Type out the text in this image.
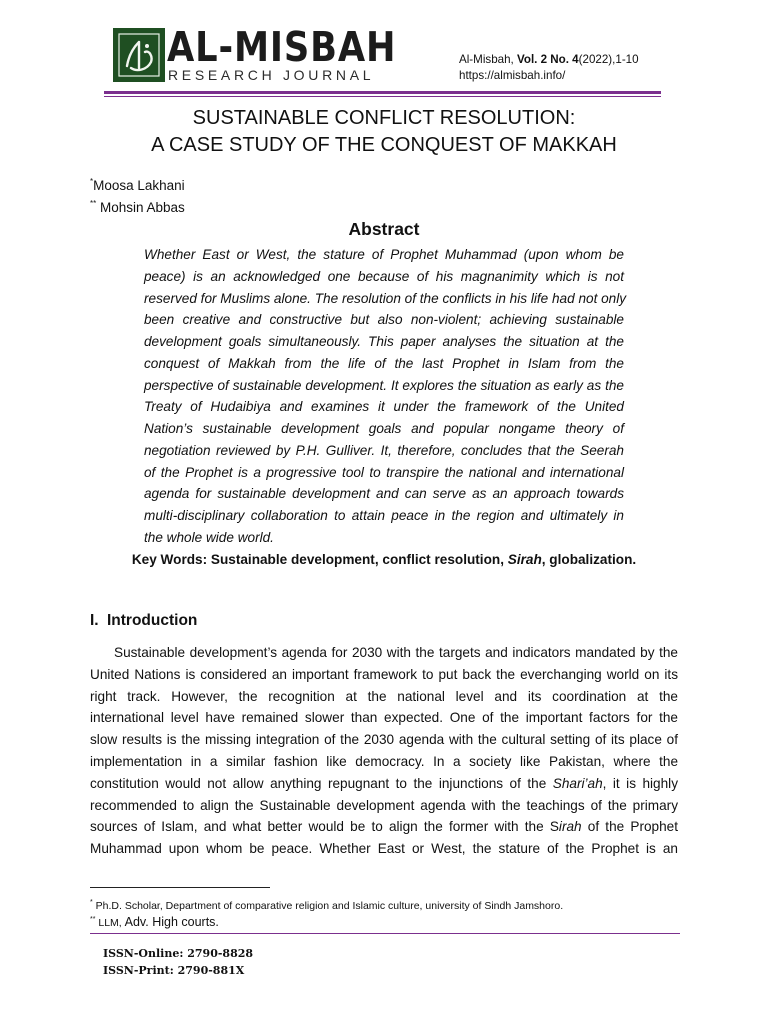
AL-MISBAH
RESEARCH JOURNAL
Al-Misbah, Vol. 2 No. 4(2022),1-10
https://almisbah.info/
SUSTAINABLE CONFLICT RESOLUTION:
A CASE STUDY OF THE CONQUEST OF MAKKAH
*Moosa Lakhani
** Mohsin Abbas
Abstract
Whether East or West, the stature of Prophet Muhammad (upon whom be
peace) is an acknowledged one because of his magnanimity which is not
reserved for Muslims alone. The resolution of the conflicts in his life had not only
been creative and constructive but also non-violent; achieving sustainable
development goals simultaneously. This paper analyses the situation at the
conquest of Makkah from the life of the last Prophet in Islam from the
perspective of sustainable development. It explores the situation as early as the
Treaty of Hudaibiya and examines it under the framework of the United
Nation’s sustainable development goals and popular nongame theory of
negotiation reviewed by P.H. Gulliver. It, therefore, concludes that the Seerah
of the Prophet is a progressive tool to transpire the national and international
agenda for sustainable development and can serve as an approach towards
multi-disciplinary collaboration to attain peace in the region and ultimately in
the whole wide world.
Key Words: Sustainable development, conflict resolution, Sirah, globalization.
I. Introduction
Sustainable development’s agenda for 2030 with the targets and indicators mandated by the
United Nations is considered an important framework to put back the everchanging world on its
right track. However, the recognition at the national level and its coordination at the
international level have remained slower than expected. One of the important factors for the
slow results is the missing integration of the 2030 agenda with the cultural setting of its place of
implementation in a similar fashion like democracy. In a society like Pakistan, where the
constitution would not allow anything repugnant to the injunctions of the Shari’ah, it is highly
recommended to align the Sustainable development agenda with the teachings of the primary
sources of Islam, and what better would be to align the former with the Sirah of the Prophet
Muhammad upon whom be peace. Whether East or West, the stature of the Prophet is an
* Ph.D. Scholar, Department of comparative religion and Islamic culture, university of Sindh Jamshoro.
** LLM, Adv. High courts.
ISSN-Online: 2790-8828
ISSN-Print: 2790-881X
